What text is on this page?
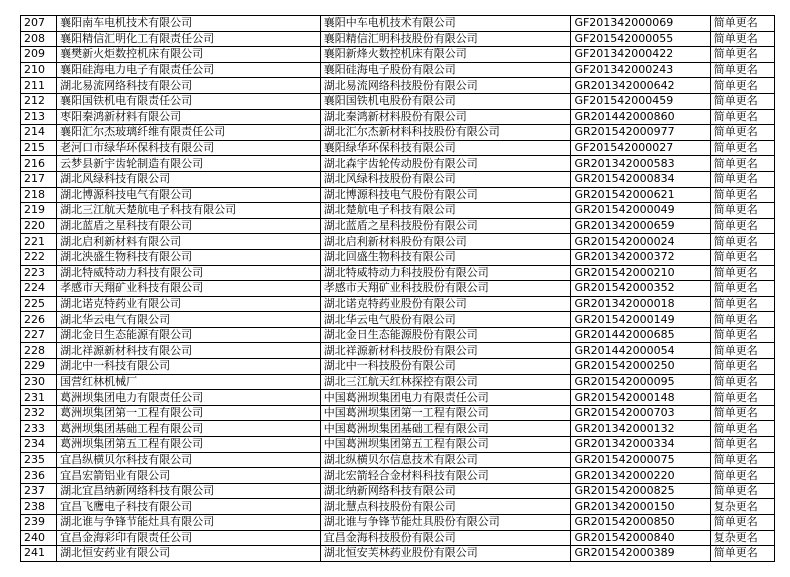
207	襄阳南车电机技术有限公司	襄阳中车电机技术有限公司	GF201342000069	简单更名
208	襄阳精信汇明化工有限责任公司	襄阳精信汇明科技股份有限公司	GF201542000055	简单更名
209	襄樊新火炬数控机床有限公司	襄阳新烽火数控机床有限公司	GF201342000422	简单更名
210	襄阳硅海电力电子有限责任公司	襄阳硅海电子股份有限公司	GF201342000243	简单更名
211	湖北易流网络科技有限公司	湖北易流网络科技股份有限公司	GR201342000642	简单更名
212	襄阳国铁机电有限责任公司	襄阳国铁机电股份有限公司	GF201542000459	简单更名
213	枣阳秦鸿新材料有限公司	湖北秦鸿新材料股份有限公司	GR201442000860	简单更名
214	襄阳汇尔杰玻璃纤维有限责任公司	湖北汇尔杰新材料科技股份有限公司	GR201542000977	简单更名
215	老河口市绿华环保科技有限公司	襄阳绿华环保科技有限公司	GF201542000027	简单更名
216	云梦县新宇齿轮制造有限公司	湖北森宇齿轮传动股份有限公司	GR201342000583	简单更名
217	湖北风绿科技有限公司	湖北风绿科技股份有限公司	GR201542000834	简单更名
218	湖北博源科技电气有限公司	湖北博源科技电气股份有限公司	GR201542000621	简单更名
219	湖北三江航天楚航电子科技有限公司	湖北楚航电子科技有限公司	GR201542000049	简单更名
220	湖北蓝盾之星科技有限公司	湖北蓝盾之星科技股份有限公司	GR201342000659	简单更名
221	湖北启利新材料有限公司	湖北启利新材料股份有限公司	GR201542000024	简单更名
222	湖北泱盛生物科技有限公司	湖北回盛生物科技有限公司	GR201342000372	简单更名
223	湖北特威特动力科技有限公司	湖北特威特动力科技股份有限公司	GR201542000210	简单更名
224	孝感市天翔矿业科技有限公司	孝感市天翔矿业科技股份有限公司	GR201542000352	简单更名
225	湖北诺克特药业有限公司	湖北诺克特药业股份有限公司	GR201342000018	简单更名
226	湖北华云电气有限公司	湖北华云电气股份有限公司	GR201542000149	简单更名
227	湖北金日生态能源有限公司	湖北金日生态能源股份有限公司	GR201442000685	简单更名
228	湖北祥源新材科技有限公司	湖北祥源新材科技股份有限公司	GR201442000054	简单更名
229	湖北中一科技有限公司	湖北中一科技股份有限公司	GR201542000250	简单更名
230	国营红林机械厂	湖北三江航天红林探控有限公司	GR201542000095	简单更名
231	葛洲坝集团电力有限责任公司	中国葛洲坝集团电力有限责任公司	GR201542000148	简单更名
232	葛洲坝集团第一工程有限公司	中国葛洲坝集团第一工程有限公司	GR201542000703	简单更名
233	葛洲坝集团基础工程有限公司	中国葛洲坝集团基础工程有限公司	GR201342000132	简单更名
234	葛洲坝集团第五工程有限公司	中国葛洲坝集团第五工程有限公司	GR201342000334	简单更名
235	宜昌纵横贝尔科技有限公司	湖北纵横贝尔信息技术有限公司	GR201542000075	简单更名
236	宜昌宏箭铝业有限公司	湖北宏箭轻合金材料科技有限公司	GR201342000220	简单更名
237	湖北宜昌纳新网络科技有限公司	湖北纳新网络科技有限公司	GR201542000825	简单更名
238	宜昌飞鹰电子科技有限公司	湖北慧点科技股份有限公司	GR201342000150	复杂更名
239	湖北谁与争锋节能灶具有限公司	湖北谁与争锋节能灶具股份有限公司	GR201542000850	简单更名
240	宜昌金海彩印有限责任公司	宜昌金海科技股份有限公司	GR201542000840	复杂更名
241	湖北恒安药业有限公司	湖北恒安芙林药业股份有限公司	GR201542000389	简单更名
